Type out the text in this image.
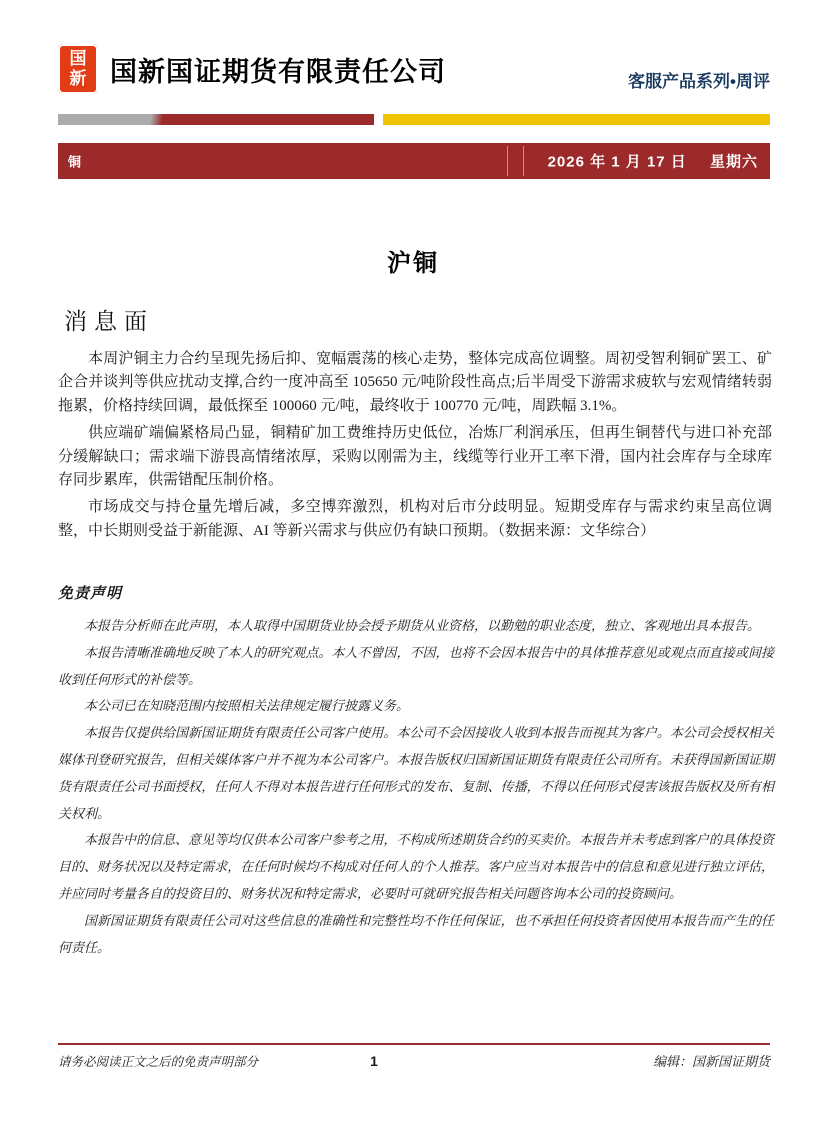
国
新 国新国证期货有限责任公司	客服产品系列•周评
铜	2026 年 1 月 17 日 星期六
沪铜
消息面

本周沪铜主力合约呈现先扬后抑、宽幅震荡的核心走势，整体完成高位调整。周初受智利铜矿罢工、矿企合并谈判等供应扰动支撑,合约一度冲高至 105650 元/吨阶段性高点;后半周受下游需求疲软与宏观情绪转弱拖累，价格持续回调，最低探至 100060 元/吨，最终收于 100770 元/吨，周跌幅 3.1%。

供应端矿端偏紧格局凸显，铜精矿加工费维持历史低位，冶炼厂利润承压，但再生铜替代与进口补充部分缓解缺口；需求端下游畏高情绪浓厚，采购以刚需为主，线缆等行业开工率下滑，国内社会库存与全球库存同步累库，供需错配压制价格。

市场成交与持仓量先增后减，多空博弈激烈，机构对后市分歧明显。短期受库存与需求约束呈高位调整，中长期则受益于新能源、AI 等新兴需求与供应仍有缺口预期。（数据来源：文华综合）

免责声明

本报告分析师在此声明，本人取得中国期货业协会授予期货从业资格，以勤勉的职业态度，独立、客观地出具本报告。

本报告清晰准确地反映了本人的研究观点。本人不曾因，不因，也将不会因本报告中的具体推荐意见或观点而直接或间接收到任何形式的补偿等。

本公司已在知晓范围内按照相关法律规定履行披露义务。

本报告仅提供给国新国证期货有限责任公司客户使用。本公司不会因接收人收到本报告而视其为客户。本公司会授权相关媒体刊登研究报告，但相关媒体客户并不视为本公司客户。本报告版权归国新国证期货有限责任公司所有。未获得国新国证期货有限责任公司书面授权，任何人不得对本报告进行任何形式的发布、复制、传播，不得以任何形式侵害该报告版权及所有相关权利。

本报告中的信息、意见等均仅供本公司客户参考之用，不构成所述期货合约的买卖价。本报告并未考虑到客户的具体投资目的、财务状况以及特定需求，在任何时候均不构成对任何人的个人推荐。客户应当对本报告中的信息和意见进行独立评估，并应同时考量各自的投资目的、财务状况和特定需求，必要时可就研究报告相关问题咨询本公司的投资顾问。

国新国证期货有限责任公司对这些信息的准确性和完整性均不作任何保证，也不承担任何投资者因使用本报告而产生的任何责任。

请务必阅读正文之后的免责声明部分	1	编辑：国新国证期货
